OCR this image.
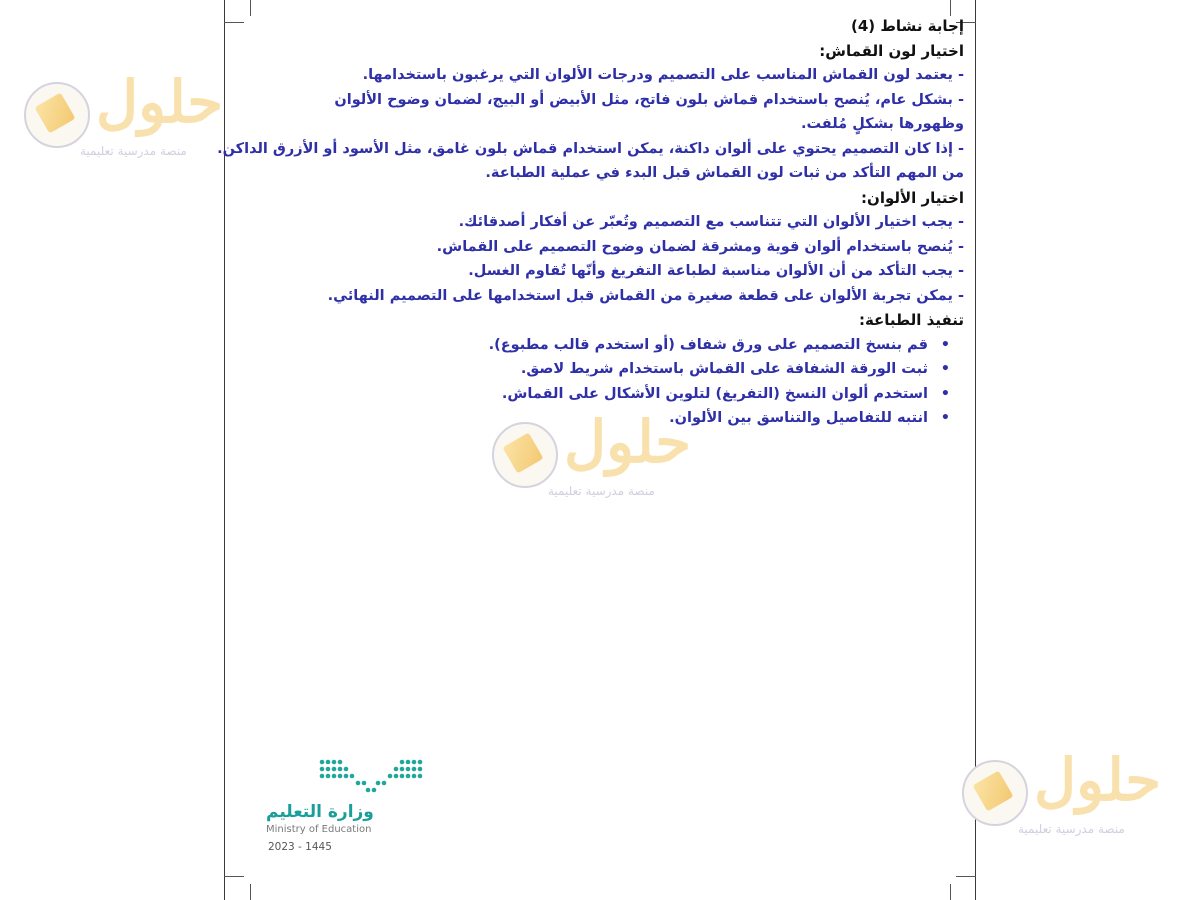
حلول
منصة مدرسية تعليمية
حلول
منصة مدرسية تعليمية
حلول
منصة مدرسية تعليمية
إجابة نشاط (4)
اختيار لون القماش:
- يعتمد لون القماش المناسب على التصميم ودرجات الألوان التي يرغبون باستخدامها.
- بشكل عام، يُنصح باستخدام قماش بلون فاتح، مثل الأبيض أو البيج، لضمان وضوح الألوان وظهورها بشكلٍ مُلفت.
- إذا كان التصميم يحتوي على ألوان داكنة، يمكن استخدام قماش بلون غامق، مثل الأسود أو الأزرق الداكن.
من المهم التأكد من ثبات لون القماش قبل البدء في عملية الطباعة.
اختيار الألوان:
- يجب اختيار الألوان التي تتناسب مع التصميم وتُعبّر عن أفكار أصدقائك.
- يُنصح باستخدام ألوان قوية ومشرقة لضمان وضوح التصميم على القماش.
- يجب التأكد من أن الألوان مناسبة لطباعة التفريغ وأنّها تُقاوم الغسل.
- يمكن تجربة الألوان على قطعة صغيرة من القماش قبل استخدامها على التصميم النهائي.
تنفيذ الطباعة:
•
قم بنسخ التصميم على ورق شفاف (أو استخدم قالب مطبوع).
•
ثبت الورقة الشفافة على القماش باستخدام شريط لاصق.
•
استخدم ألوان النسخ (التفريغ) لتلوين الأشكال على القماش.
•
انتبه للتفاصيل والتناسق بين الألوان.
وزارة التعليم
Ministry of Education
2023 - 1445
